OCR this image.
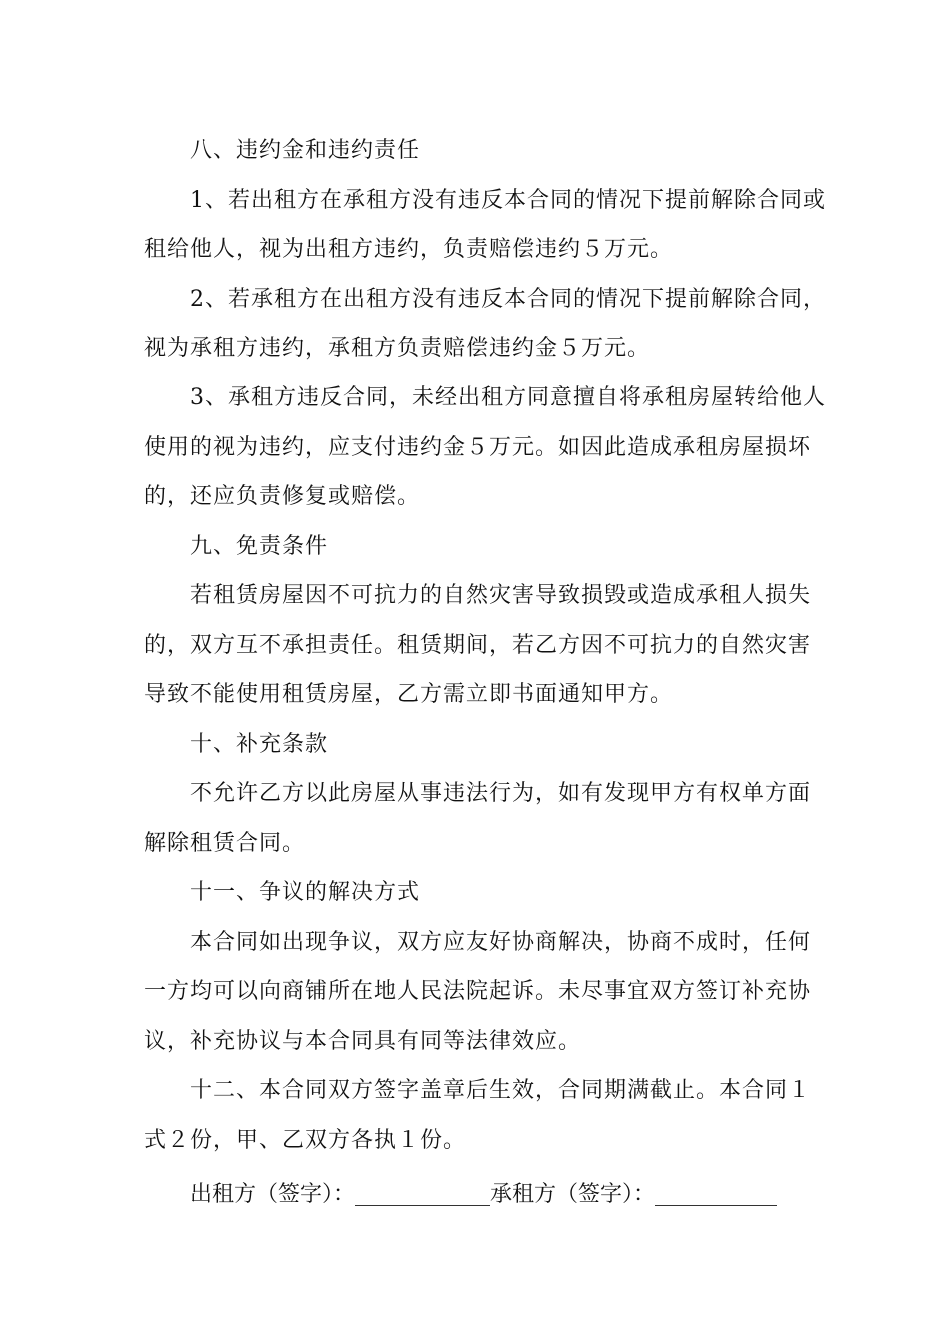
八、违约金和违约责任
1、若出租方在承租方没有违反本合同的情况下提前解除合同或
租给他人，视为出租方违约，负责赔偿违约５万元。
2、若承租方在出租方没有违反本合同的情况下提前解除合同，
视为承租方违约，承租方负责赔偿违约金５万元。
3、承租方违反合同，未经出租方同意擅自将承租房屋转给他人
使用的视为违约，应支付违约金５万元。如因此造成承租房屋损坏
的，还应负责修复或赔偿。
九、免责条件
若租赁房屋因不可抗力的自然灾害导致损毁或造成承租人损失
的，双方互不承担责任。租赁期间，若乙方因不可抗力的自然灾害
导致不能使用租赁房屋，乙方需立即书面通知甲方。
十、补充条款
不允许乙方以此房屋从事违法行为，如有发现甲方有权单方面
解除租赁合同。
十一、争议的解决方式
本合同如出现争议，双方应友好协商解决，协商不成时，任何
一方均可以向商铺所在地人民法院起诉。未尽事宜双方签订补充协
议，补充协议与本合同具有同等法律效应。
十二、本合同双方签字盖章后生效，合同期满截止。本合同１
式２份，甲、乙双方各执１份。
出租方（签字）：	承租方（签字）：
